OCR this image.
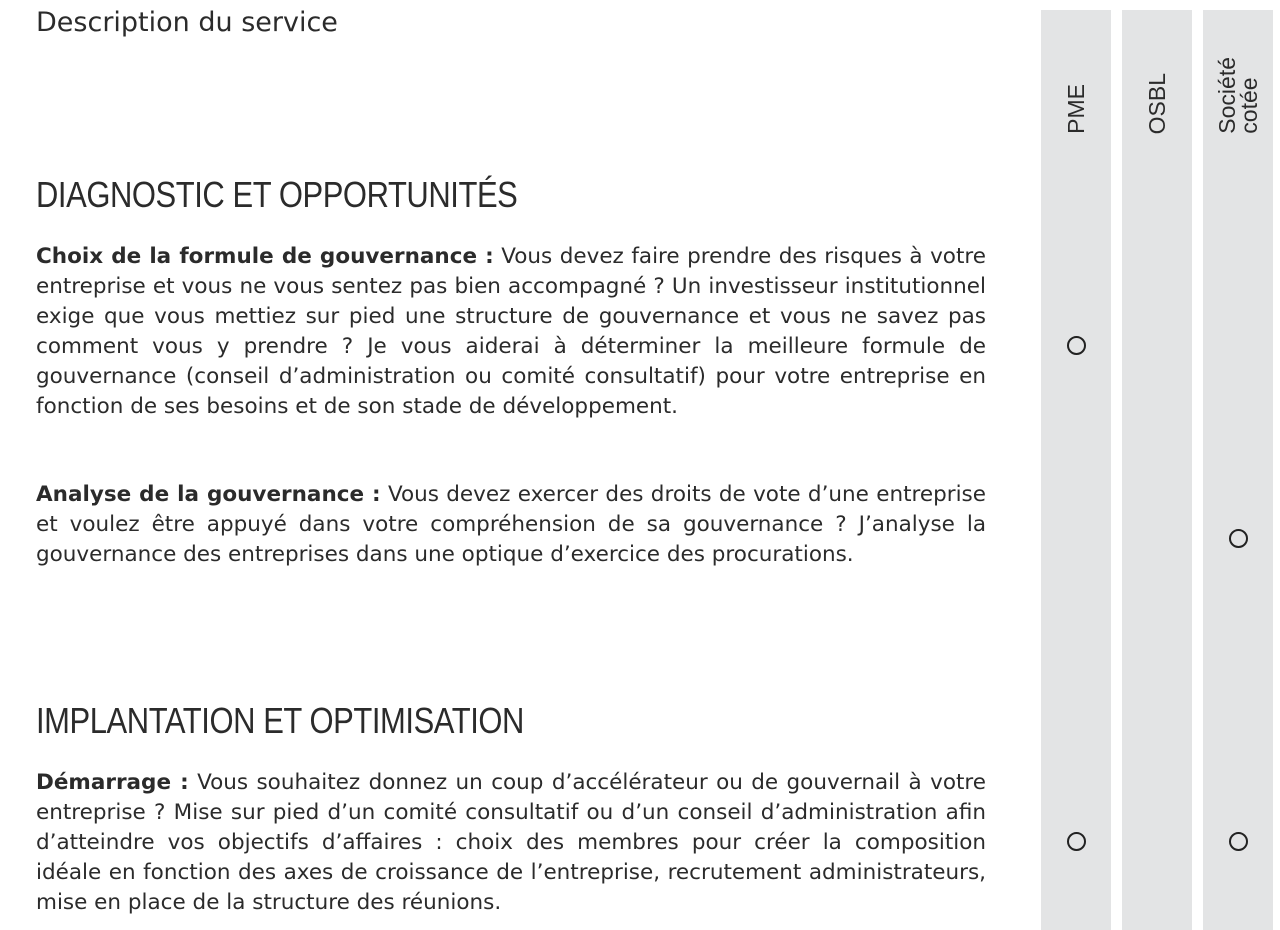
Description du service
PME OSBL Société
cotée
DIAGNOSTIC ET OPPORTUNITÉS

Choix de la formule de gouvernance : Vous devez faire prendre des risques à votre entreprise et vous ne vous sentez pas bien accompagné ? Un investisseur institutionnel exige que vous mettiez sur pied une structure de gouvernance et vous ne savez pas comment vous y prendre ? Je vous aiderai à déterminer la meilleure formule de gouvernance (conseil d’administration ou comité consultatif) pour votre entreprise en fonction de ses besoins et de son stade de développement.

Analyse de la gouvernance : Vous devez exercer des droits de vote d’une entreprise et voulez être appuyé dans votre compréhension de sa gouvernance ? J’analyse la gouvernance des entreprises dans une optique d’exercice des procurations.

IMPLANTATION ET OPTIMISATION

Démarrage : Vous souhaitez donnez un coup d’accélérateur ou de gouvernail à votre entreprise ? Mise sur pied d’un comité consultatif ou d’un conseil d’administration afin d’atteindre vos objectifs d’affaires : choix des membres pour créer la composition idéale en fonction des axes de croissance de l’entreprise, recrutement administrateurs, mise en place de la structure des réunions.
